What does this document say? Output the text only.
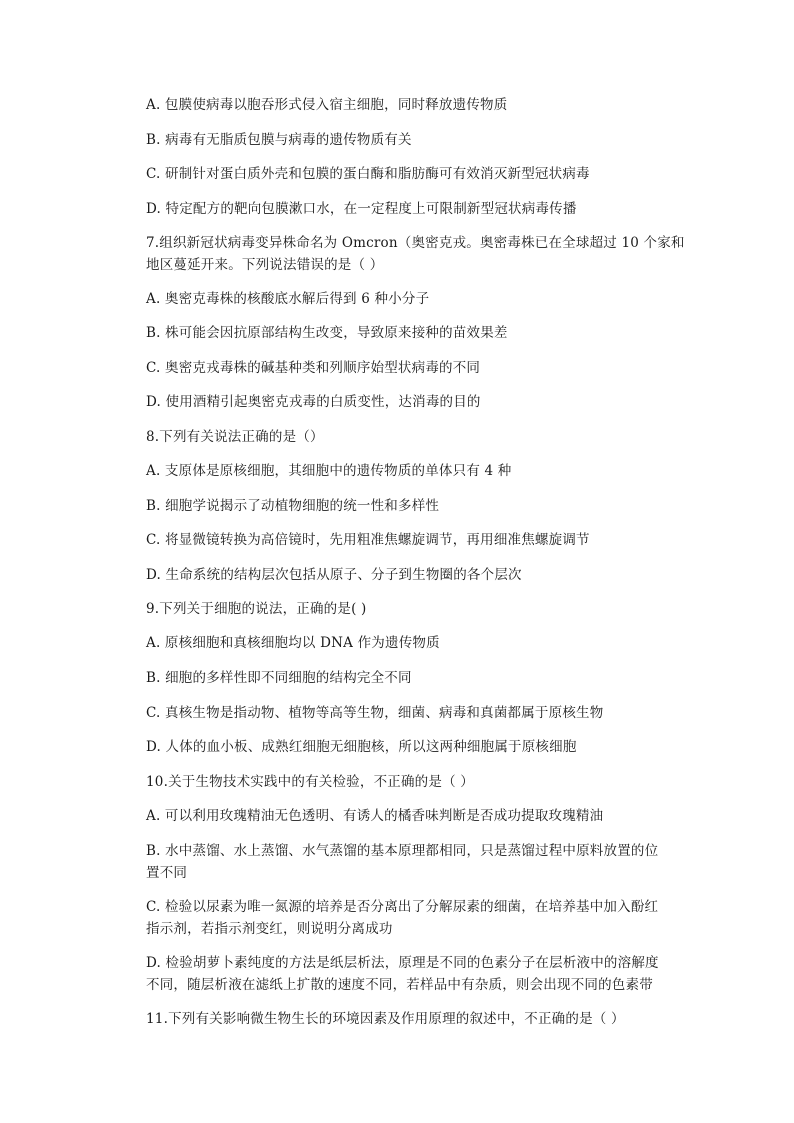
A. 包膜使病毒以胞吞形式侵入宿主细胞，同时释放遗传物质
B. 病毒有无脂质包膜与病毒的遗传物质有关
C. 研制针对蛋白质外壳和包膜的蛋白酶和脂肪酶可有效消灭新型冠状病毒
D. 特定配方的靶向包膜漱口水，在一定程度上可限制新型冠状病毒传播
7.组织新冠状病毒变异株命名为 Omcron（奥密克戎。奥密毒株已在全球超过 10 个家和
地区蔓延开来。下列说法错误的是（ ）
A. 奥密克毒株的核酸底水解后得到 6 种小分子
B. 株可能会因抗原部结构生改变，导致原来接种的苗效果差
C. 奥密克戎毒株的碱基种类和列顺序始型状病毒的不同
D. 使用酒精引起奥密克戎毒的白质变性，达消毒的目的
8.下列有关说法正确的是（）
A. 支原体是原核细胞，其细胞中的遗传物质的单体只有 4 种
B. 细胞学说揭示了动植物细胞的统一性和多样性
C. 将显微镜转换为高倍镜时，先用粗准焦螺旋调节，再用细准焦螺旋调节
D. 生命系统的结构层次包括从原子、分子到生物圈的各个层次
9.下列关于细胞的说法，正确的是( )
A. 原核细胞和真核细胞均以 DNA 作为遗传物质
B. 细胞的多样性即不同细胞的结构完全不同
C. 真核生物是指动物、植物等高等生物，细菌、病毒和真菌都属于原核生物
D. 人体的血小板、成熟红细胞无细胞核，所以这两种细胞属于原核细胞
10.关于生物技术实践中的有关检验，不正确的是（ ）
A. 可以利用玫瑰精油无色透明、有诱人的橘香味判断是否成功提取玫瑰精油
B. 水中蒸馏、水上蒸馏、水气蒸馏的基本原理都相同，只是蒸馏过程中原料放置的位
置不同
C. 检验以尿素为唯一氮源的培养是否分离出了分解尿素的细菌，在培养基中加入酚红
指示剂，若指示剂变红，则说明分离成功
D. 检验胡萝卜素纯度的方法是纸层析法，原理是不同的色素分子在层析液中的溶解度
不同，随层析液在滤纸上扩散的速度不同，若样品中有杂质，则会出现不同的色素带
11.下列有关影响微生物生长的环境因素及作用原理的叙述中，不正确的是（ ）
